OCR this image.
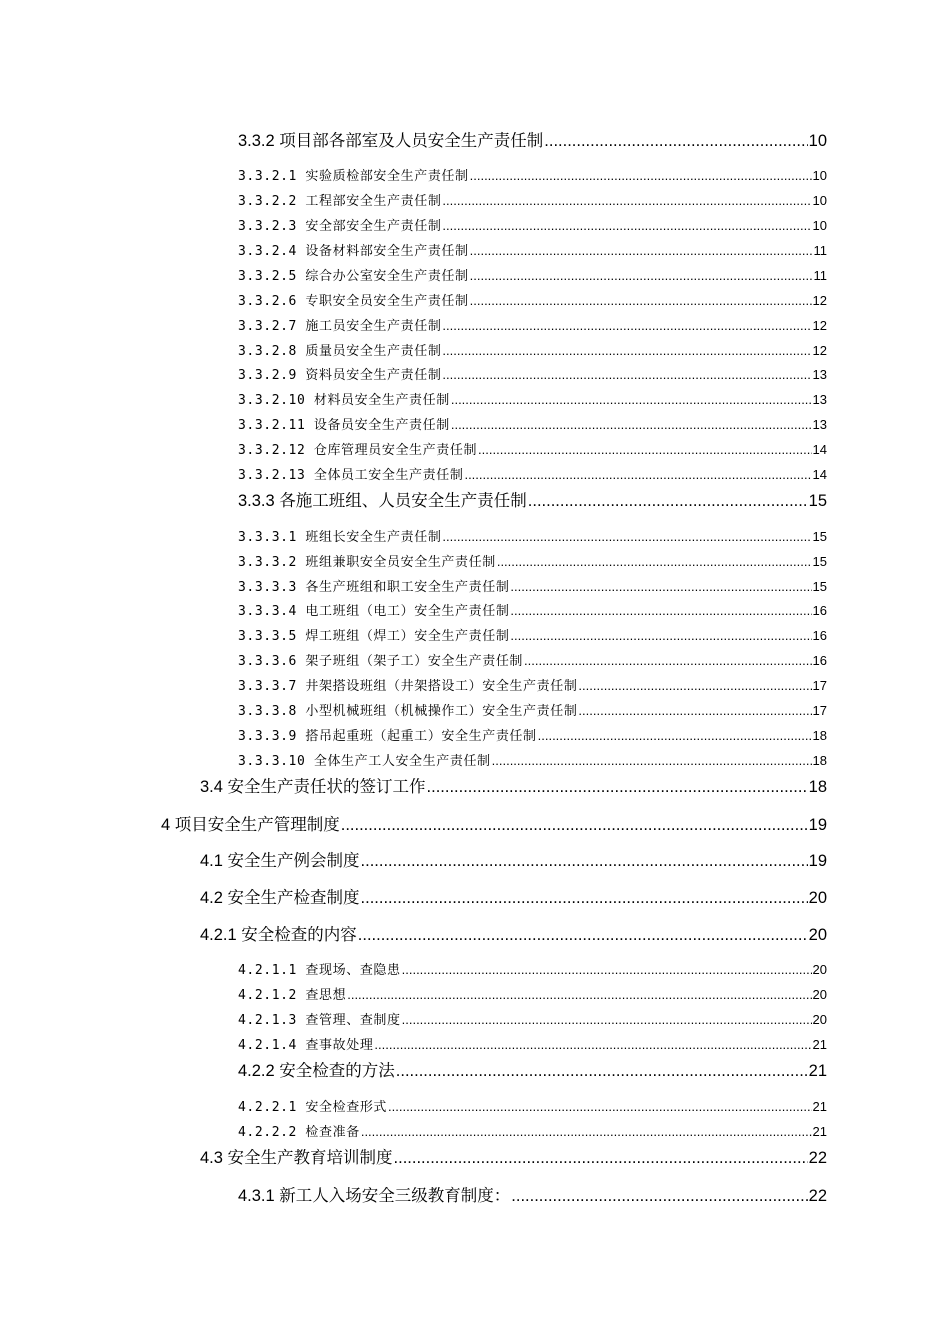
3.3.2 项目部各部室及人员安全生产责任制 .....	10
3.3.2.1 实验质检部安全生产责任制 .....	10
3.3.2.2 工程部安全生产责任制 .....	10
3.3.2.3 安全部安全生产责任制 .....	10
3.3.2.4 设备材料部安全生产责任制 .....	11
3.3.2.5 综合办公室安全生产责任制 .....	11
3.3.2.6 专职安全员安全生产责任制 .....	12
3.3.2.7 施工员安全生产责任制 .....	12
3.3.2.8 质量员安全生产责任制 .....	12
3.3.2.9 资料员安全生产责任制 .....	13
3.3.2.10 材料员安全生产责任制 .....	13
3.3.2.11 设备员安全生产责任制 .....	13
3.3.2.12 仓库管理员安全生产责任制 .....	14
3.3.2.13 全体员工安全生产责任制 .....	14
3.3.3 各施工班组、人员安全生产责任制 .....	15
3.3.3.1 班组长安全生产责任制 .....	15
3.3.3.2 班组兼职安全员安全生产责任制 .....	15
3.3.3.3 各生产班组和职工安全生产责任制 .....	15
3.3.3.4 电工班组（电工）安全生产责任制 .....	16
3.3.3.5 焊工班组（焊工）安全生产责任制 .....	16
3.3.3.6 架子班组（架子工）安全生产责任制 .....	16
3.3.3.7 井架搭设班组（井架搭设工）安全生产责任制 .....	17
3.3.3.8 小型机械班组（机械操作工）安全生产责任制 .....	17
3.3.3.9 搭吊起重班（起重工）安全生产责任制 .....	18
3.3.3.10 全体生产工人安全生产责任制 .....	18
3.4 安全生产责任状的签订工作 .....	18
4 项目安全生产管理制度 .....	19
4.1 安全生产例会制度 .....	19
4.2 安全生产检查制度 .....	20
4.2.1 安全检查的内容 .....	20
4.2.1.1 查现场、查隐患 .....	20
4.2.1.2 查思想 .....	20
4.2.1.3 查管理、查制度 .....	20
4.2.1.4 查事故处理 .....	21
4.2.2 安全检查的方法 .....	21
4.2.2.1 安全检查形式 .....	21
4.2.2.2 检查准备 .....	21
4.3 安全生产教育培训制度 .....	22
4.3.1 新工人入场安全三级教育制度： .....	22
